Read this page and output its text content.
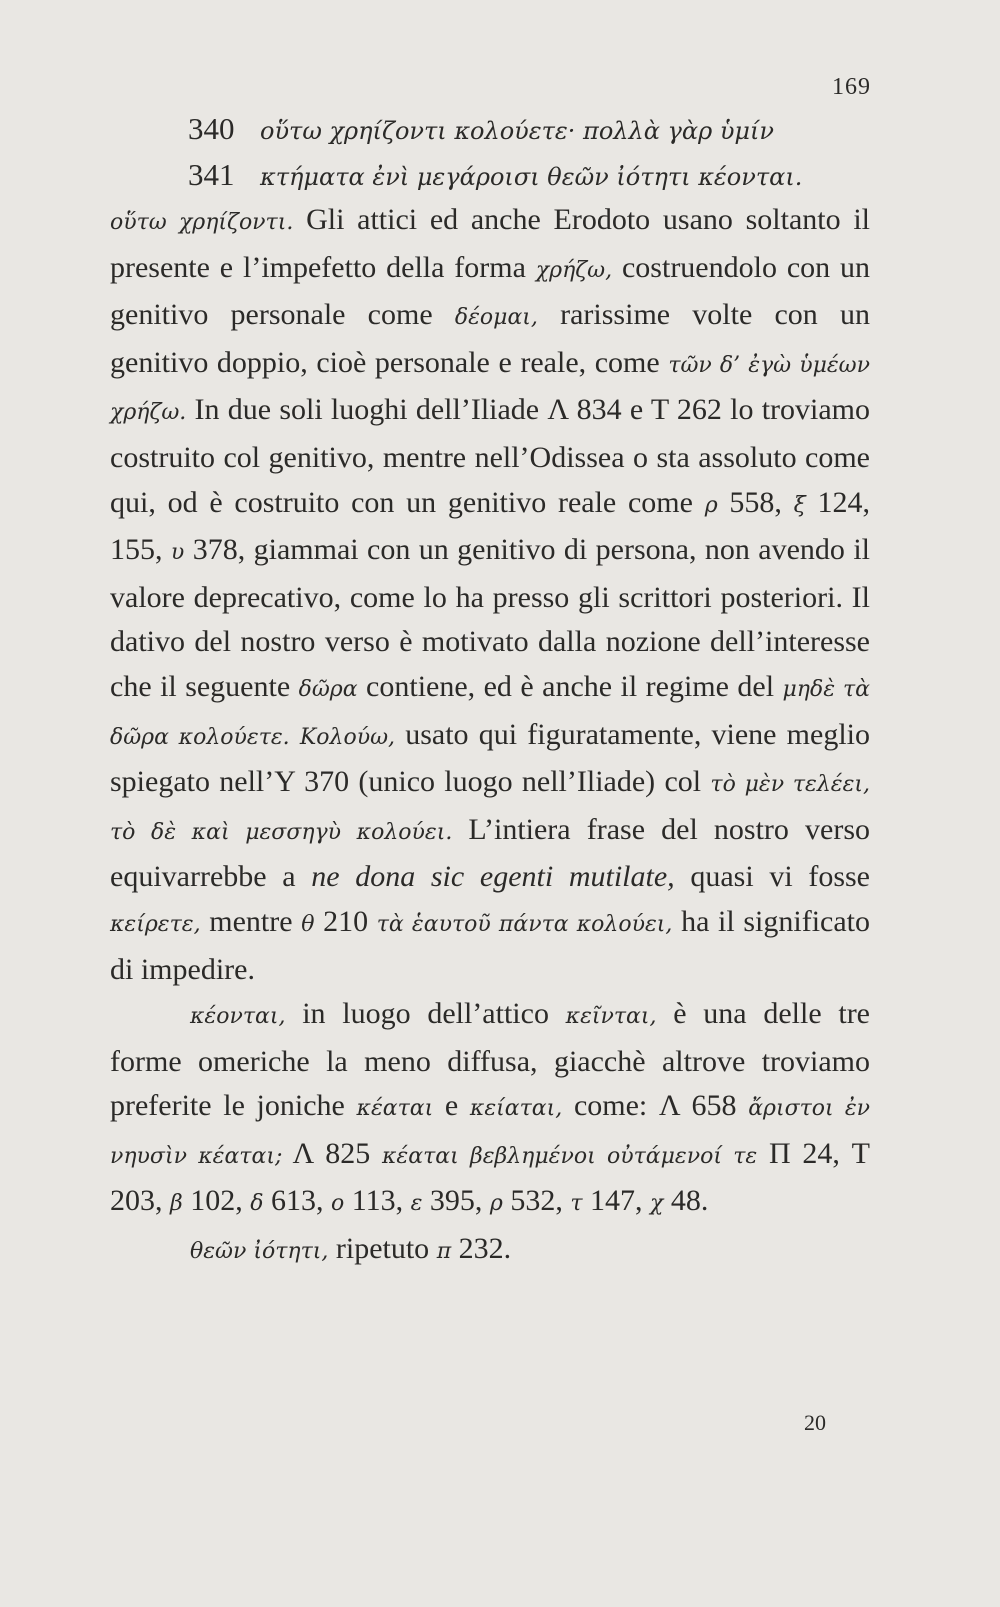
169
340 οὕτω χρηίζοντι κολούετε· πολλὰ γὰρ ὑμίν
341 κτήματα ἐνὶ μεγάροισι θεῶν ἰότητι κέονται.

οὕτω χρηίζοντι. Gli attici ed anche Erodoto usano soltanto il presente e l’impefetto della forma χρήζω, costruendolo con un genitivo personale come δέομαι, rarissime volte con un genitivo doppio, cioè personale e reale, come τῶν δ’ ἐγὼ ὑμέων χρήζω. In due soli luoghi dell’Iliade Λ 834 e T 262 lo troviamo costruito col genitivo, mentre nell’Odissea o sta assoluto come qui, od è costruito con un genitivo reale come ρ 558, ξ 124, 155, υ 378, giammai con un genitivo di persona, non avendo il valore deprecativo, come lo ha presso gli scrittori posteriori. Il dativo del nostro verso è motivato dalla nozione dell’interesse che il seguente δῶρα contiene, ed è anche il regime del μηδὲ τὰ δῶρα κολούετε. Κολούω, usato qui figuratamente, viene meglio spiegato nell’Υ 370 (unico luogo nell’Iliade) col τὸ μὲν τελέει, τὸ δὲ καὶ μεσσηγὺ κολούει. L’intiera frase del nostro verso equivarrebbe a ne dona sic egenti mutilate, quasi vi fosse κείρετε, mentre θ 210 τὰ ἑαυτοῦ πάντα κολούει, ha il significato di impedire.

κέονται, in luogo dell’attico κεῖνται, è una delle tre forme omeriche la meno diffusa, giacchè altrove troviamo preferite le joniche κέαται e κείαται, come: Λ 658 ἄριστοι ἐν νηυσὶν κέαται; Λ 825 κέαται βεβλημένοι οὐτάμενοί τε Π 24, T 203, β 102, δ 613, ο 113, ε 395, ρ 532, τ 147, χ 48.

θεῶν ἰότητι, ripetuto π 232.

20
